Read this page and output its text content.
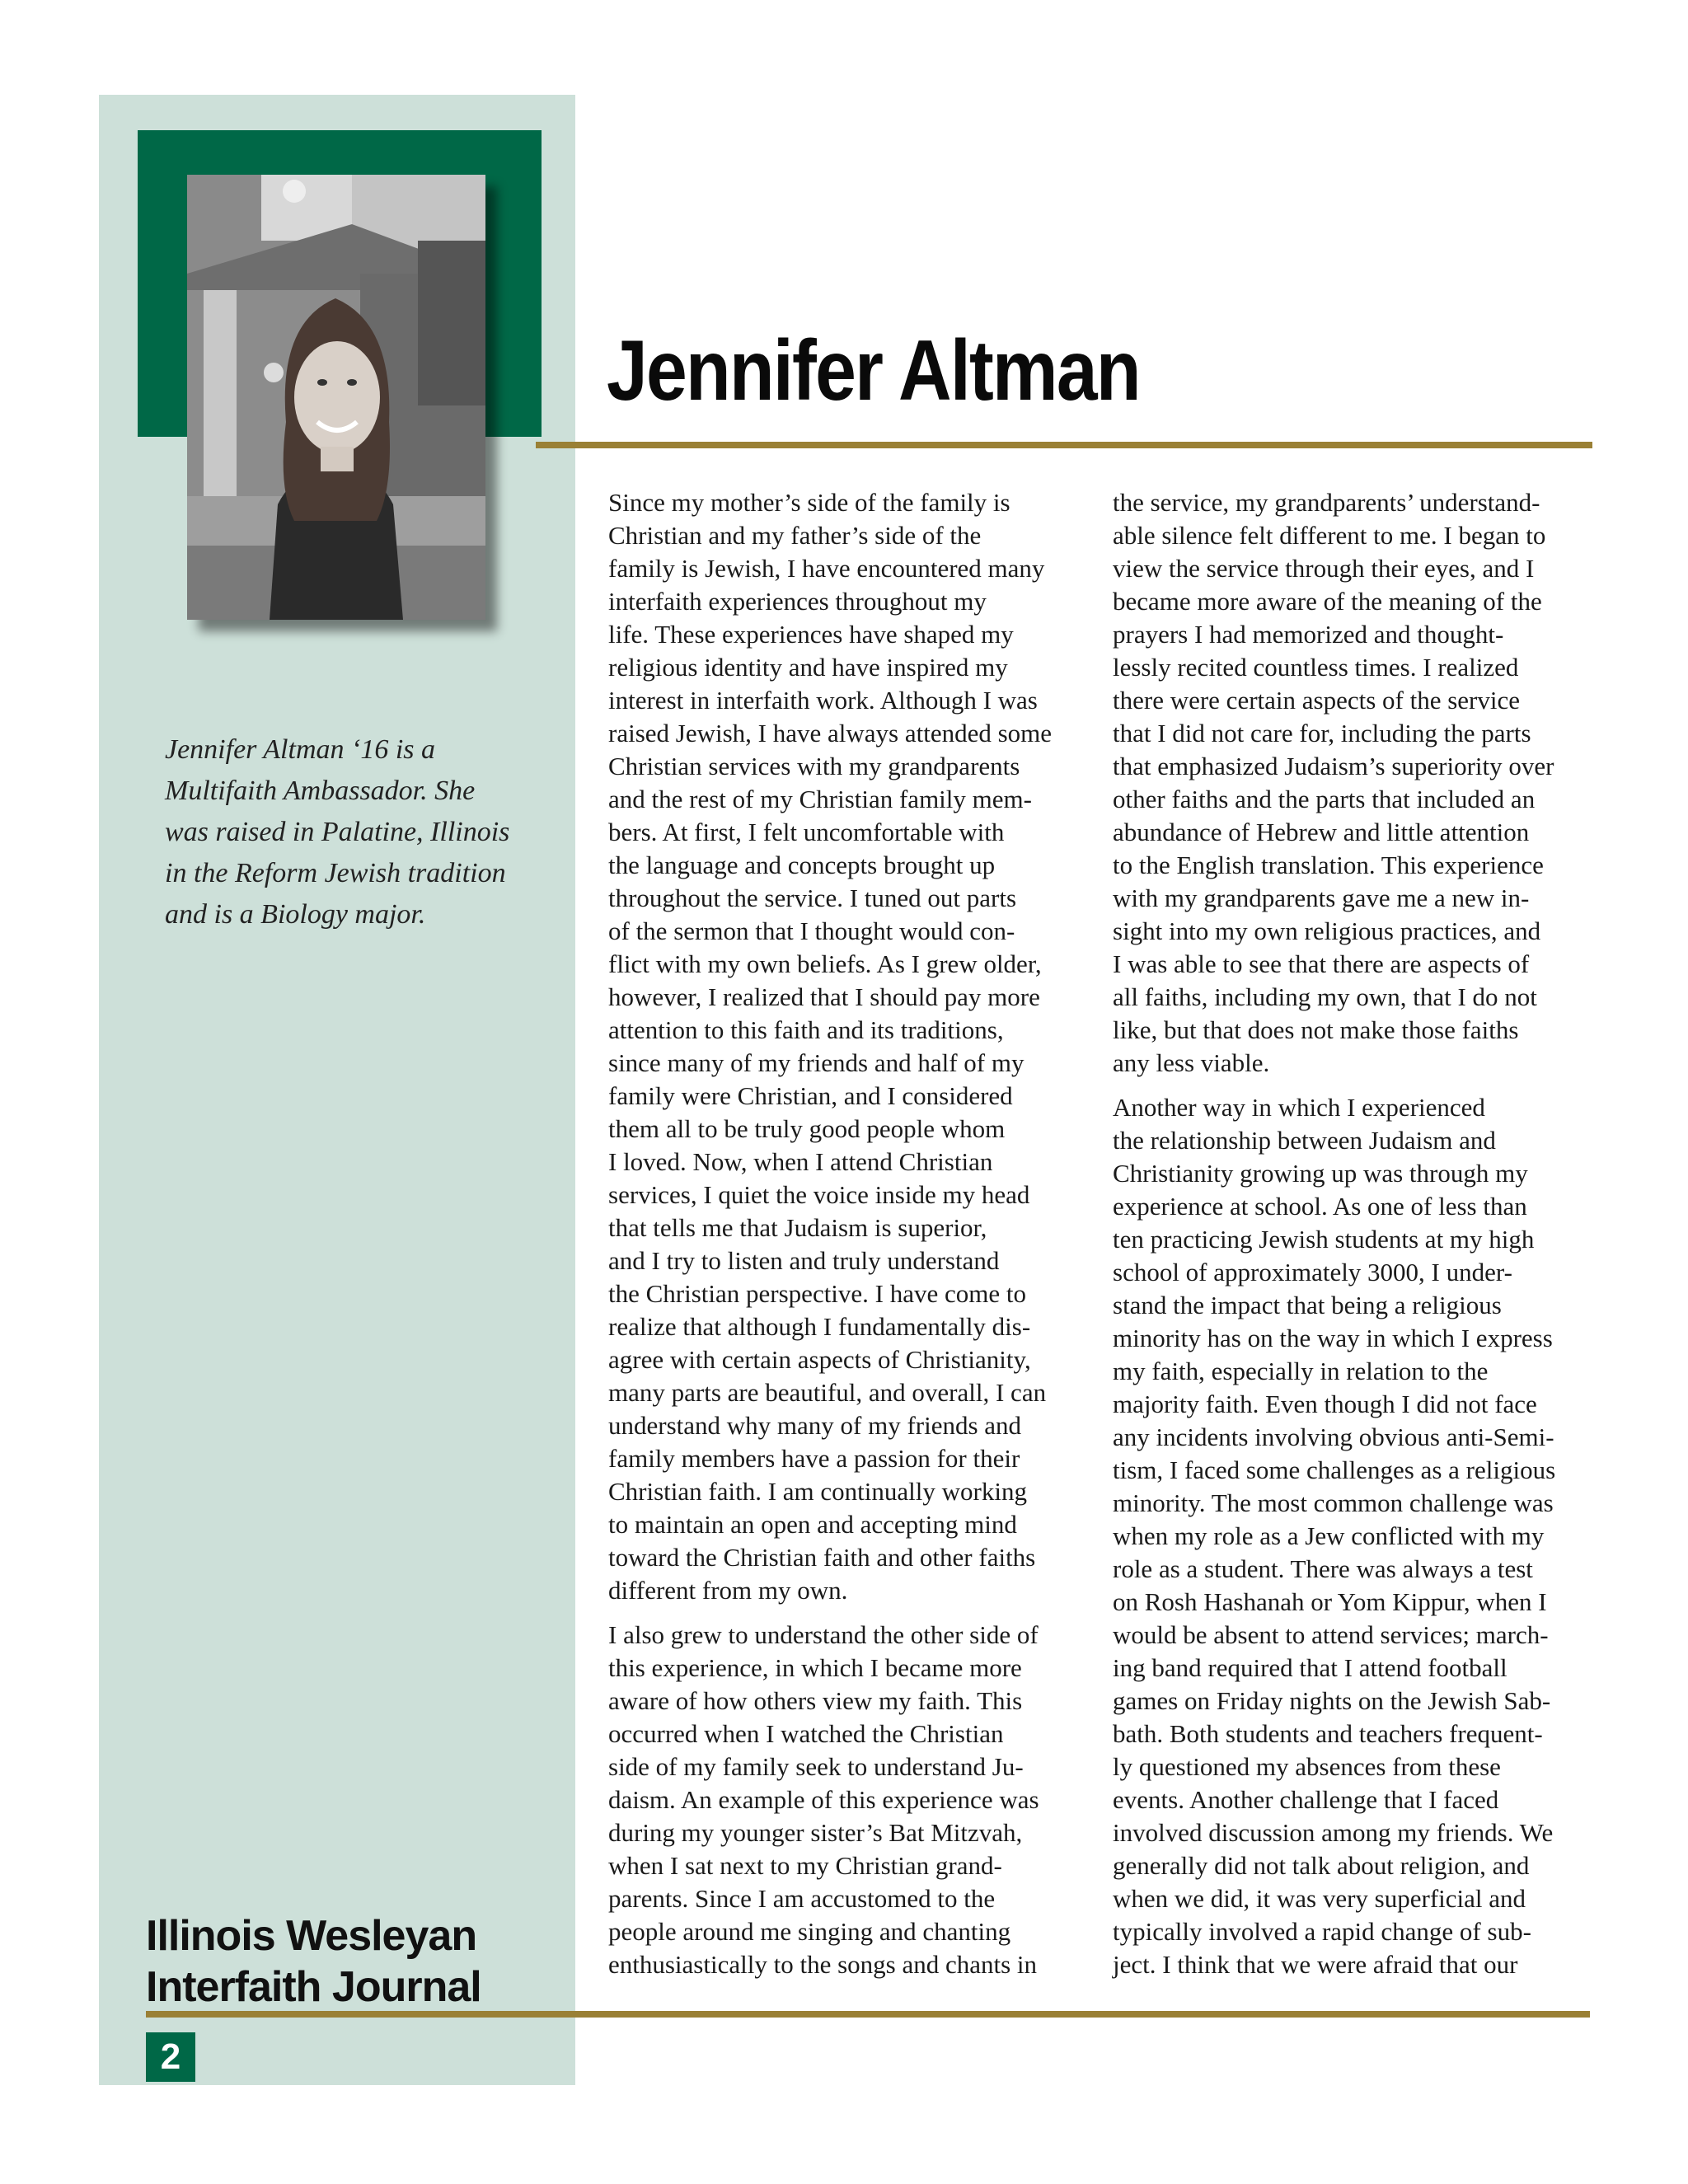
Jennifer Altman ‘16 is a
Multifaith Ambassador. She
was raised in Palatine, Illinois
in the Reform Jewish tradition
and is a Biology major.
Illinois Wesleyan
Interfaith Journal
Jennifer Altman
Since my mother’s side of the family is
Christian and my father’s side of the
family is Jewish, I have encountered many
interfaith experiences throughout my
life. These experiences have shaped my
religious identity and have inspired my
interest in interfaith work. Although I was
raised Jewish, I have always attended some
Christian services with my grandparents
and the rest of my Christian family mem-
bers. At first, I felt uncomfortable with
the language and concepts brought up
throughout the service. I tuned out parts
of the sermon that I thought would con-
flict with my own beliefs. As I grew older,
however, I realized that I should pay more
attention to this faith and its traditions,
since many of my friends and half of my
family were Christian, and I considered
them all to be truly good people whom
I loved. Now, when I attend Christian
services, I quiet the voice inside my head
that tells me that Judaism is superior,
and I try to listen and truly understand
the Christian perspective. I have come to
realize that although I fundamentally dis-
agree with certain aspects of Christianity,
many parts are beautiful, and overall, I can
understand why many of my friends and
family members have a passion for their
Christian faith. I am continually working
to maintain an open and accepting mind
toward the Christian faith and other faiths
different from my own.
I also grew to understand the other side of
this experience, in which I became more
aware of how others view my faith. This
occurred when I watched the Christian
side of my family seek to understand Ju-
daism. An example of this experience was
during my younger sister’s Bat Mitzvah,
when I sat next to my Christian grand-
parents. Since I am accustomed to the
people around me singing and chanting
enthusiastically to the songs and chants in
the service, my grandparents’ understand-
able silence felt different to me. I began to
view the service through their eyes, and I
became more aware of the meaning of the
prayers I had memorized and thought-
lessly recited countless times. I realized
there were certain aspects of the service
that I did not care for, including the parts
that emphasized Judaism’s superiority over
other faiths and the parts that included an
abundance of Hebrew and little attention
to the English translation. This experience
with my grandparents gave me a new in-
sight into my own religious practices, and
I was able to see that there are aspects of
all faiths, including my own, that I do not
like, but that does not make those faiths
any less viable.
Another way in which I experienced
the relationship between Judaism and
Christianity growing up was through my
experience at school. As one of less than
ten practicing Jewish students at my high
school of approximately 3000, I under-
stand the impact that being a religious
minority has on the way in which I express
my faith, especially in relation to the
majority faith. Even though I did not face
any incidents involving obvious anti-Semi-
tism, I faced some challenges as a religious
minority. The most common challenge was
when my role as a Jew conflicted with my
role as a student. There was always a test
on Rosh Hashanah or Yom Kippur, when I
would be absent to attend services; march-
ing band required that I attend football
games on Friday nights on the Jewish Sab-
bath. Both students and teachers frequent-
ly questioned my absences from these
events. Another challenge that I faced
involved discussion among my friends. We
generally did not talk about religion, and
when we did, it was very superficial and
typically involved a rapid change of sub-
ject. I think that we were afraid that our
2
